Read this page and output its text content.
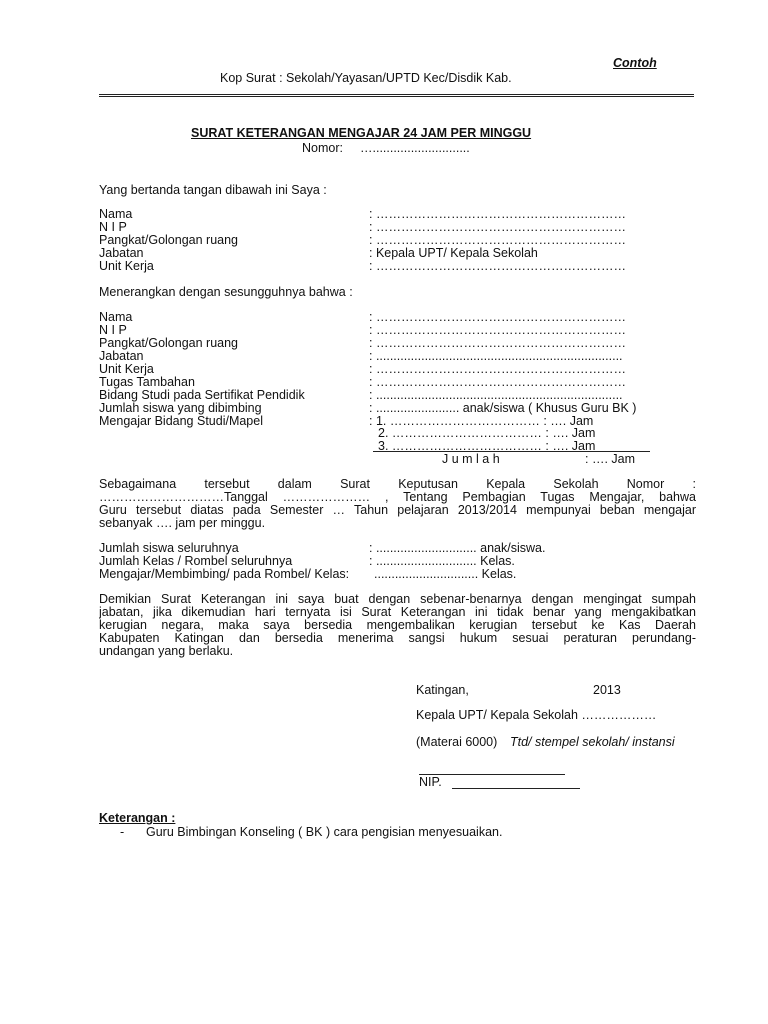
Contoh
Kop Surat : Sekolah/Yayasan/UPTD Kec/Disdik Kab.
SURAT KETERANGAN MENGAJAR 24 JAM PER MINGGU
Nomor: …............................
Yang bertanda tangan dibawah ini Saya :
Nama	: ……………………………………………………
N I P	: ……………………………………………………
Pangkat/Golongan ruang	: ……………………………………………………
Jabatan	: Kepala UPT/ Kepala Sekolah
Unit Kerja	: ……………………………………………………
Menerangkan dengan sesungguhnya bahwa :
Nama	: ……………………………………………………
N I P	: ……………………………………………………
Pangkat/Golongan ruang	: ……………………………………………………
Jabatan	: .......................................................................
Unit Kerja	: ……………………………………………………
Tugas Tambahan	: ……………………………………………………
Bidang Studi pada Sertifikat Pendidik	: .......................................................................
Jumlah siswa yang dibimbing	: ........................ anak/siswa ( Khusus Guru BK )
Mengajar Bidang Studi/Mapel	: 1. ……………………………… : …. Jam
2. ……………………………… : …. Jam
3. ……………………………… : …. Jam
J u m l a h	: …. Jam
Sebagaimana tersebut dalam Surat Keputusan Kepala Sekolah Nomor :
…………………………Tanggal ………………… , Tentang Pembagian Tugas Mengajar, bahwa
Guru tersebut diatas pada Semester … Tahun pelajaran 2013/2014 mempunyai beban mengajar
sebanyak …. jam per minggu.
Jumlah siswa seluruhnya	: ............................. anak/siswa.
Jumlah Kelas / Rombel seluruhnya	: ............................. Kelas.
Mengajar/Membimbing/ pada Rombel/ Kelas: .............................. Kelas.
Demikian Surat Keterangan ini saya buat dengan sebenar-benarnya dengan mengingat sumpah
jabatan, jika dikemudian hari ternyata isi Surat Keterangan ini tidak benar yang mengakibatkan
kerugian negara, maka saya bersedia mengembalikan kerugian tersebut ke Kas Daerah
Kabupaten Katingan dan bersedia menerima sangsi hukum sesuai peraturan perundang-
undangan yang berlaku.
Katingan,	2013
Kepala UPT/ Kepala Sekolah ………………
(Materai 6000) Ttd/ stempel sekolah/ instansi
NIP.
Keterangan :
- Guru Bimbingan Konseling ( BK ) cara pengisian menyesuaikan.
